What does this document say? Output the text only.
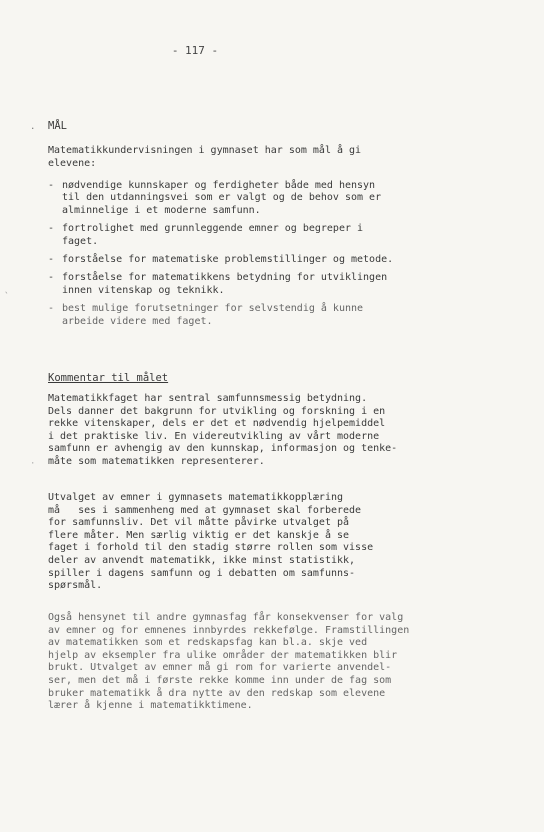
- 117 -
. MÅL
Matematikkundervisningen i gymnaset har som mål å gi
elevene:
- nødvendige kunnskaper og ferdigheter både med hensyn
til den utdanningsvei som er valgt og de behov som er
alminnelige i et moderne samfunn.
- fortrolighet med grunnleggende emner og begreper i
faget.
- forståelse for matematiske problemstillinger og metode.
- forståelse for matematikkens betydning for utviklingen
innen vitenskap og teknikk.
- best mulige forutsetninger for selvstendig å kunne
arbeide videre med faget.
`
Kommentar til målet
Matematikkfaget har sentral samfunnsmessig betydning.
Dels danner det bakgrunn for utvikling og forskning i en
rekke vitenskaper, dels er det et nødvendig hjelpemiddel
i det praktiske liv. En videreutvikling av vårt moderne
samfunn er avhengig av den kunnskap, informasjon og tenke-
måte som matematikken representerer.
·
Utvalget av emner i gymnasets matematikkopplæring
må   ses i sammenheng med at gymnaset skal forberede
for samfunnsliv. Det vil måtte påvirke utvalget på
flere måter. Men særlig viktig er det kanskje å se
faget i forhold til den stadig større rollen som visse
deler av anvendt matematikk, ikke minst statistikk,
spiller i dagens samfunn og i debatten om samfunns-
spørsmål.
Også hensynet til andre gymnasfag får konsekvenser for valg
av emner og for emnenes innbyrdes rekkefølge. Framstillingen
av matematikken som et redskapsfag kan bl.a. skje ved
hjelp av eksempler fra ulike områder der matematikken blir
brukt. Utvalget av emner må gi rom for varierte anvendel-
ser, men det må i første rekke komme inn under de fag som
bruker matematikk å dra nytte av den redskap som elevene
lærer å kjenne i matematikktimene.
